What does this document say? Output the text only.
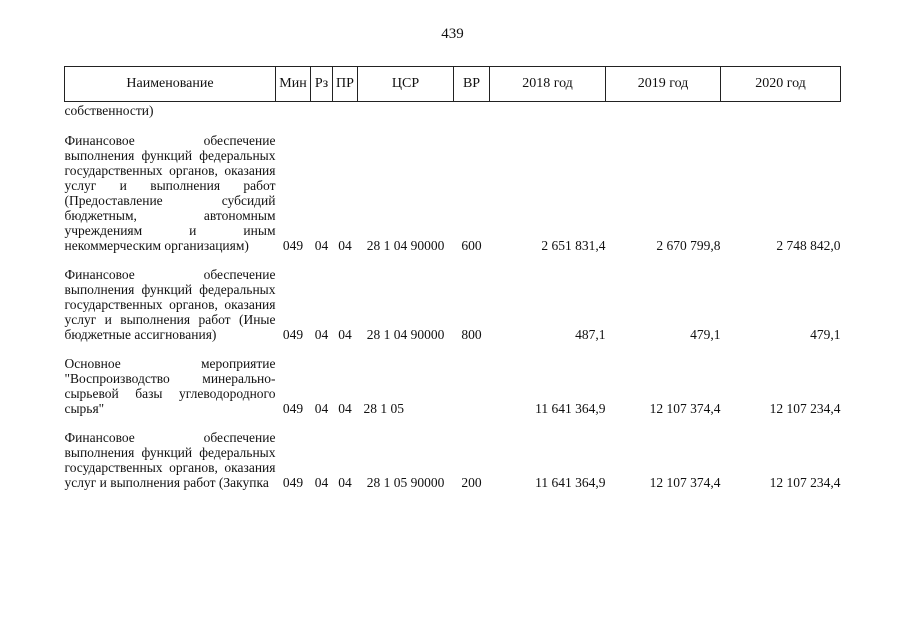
439
Наименование	Мин	Рз	ПР	ЦСР	ВР	2018 год	2019 год	2020 год
собственности)								

Финансовое обеспечение выполнения функций федеральных государственных органов, оказания услуг и выполнения работ (Предоставление субсидий бюджетным, автономным учреждениям и иным некоммерческим организациям)	049	04	04	28 1 04 90000	600	2 651 831,4	2 670 799,8	2 748 842,0

Финансовое обеспечение выполнения функций федеральных государственных органов, оказания услуг и выполнения работ (Иные бюджетные ассигнования)	049	04	04	28 1 04 90000	800	487,1	479,1	479,1

Основное мероприятие "Воспроизводство минерально-сырьевой базы углеводородного сырья"	049	04	04	28 1 05		11 641 364,9	12 107 374,4	12 107 234,4

Финансовое обеспечение выполнения функций федеральных государственных органов, оказания услуг и выполнения работ (Закупка	049	04	04	28 1 05 90000	200	11 641 364,9	12 107 374,4	12 107 234,4
